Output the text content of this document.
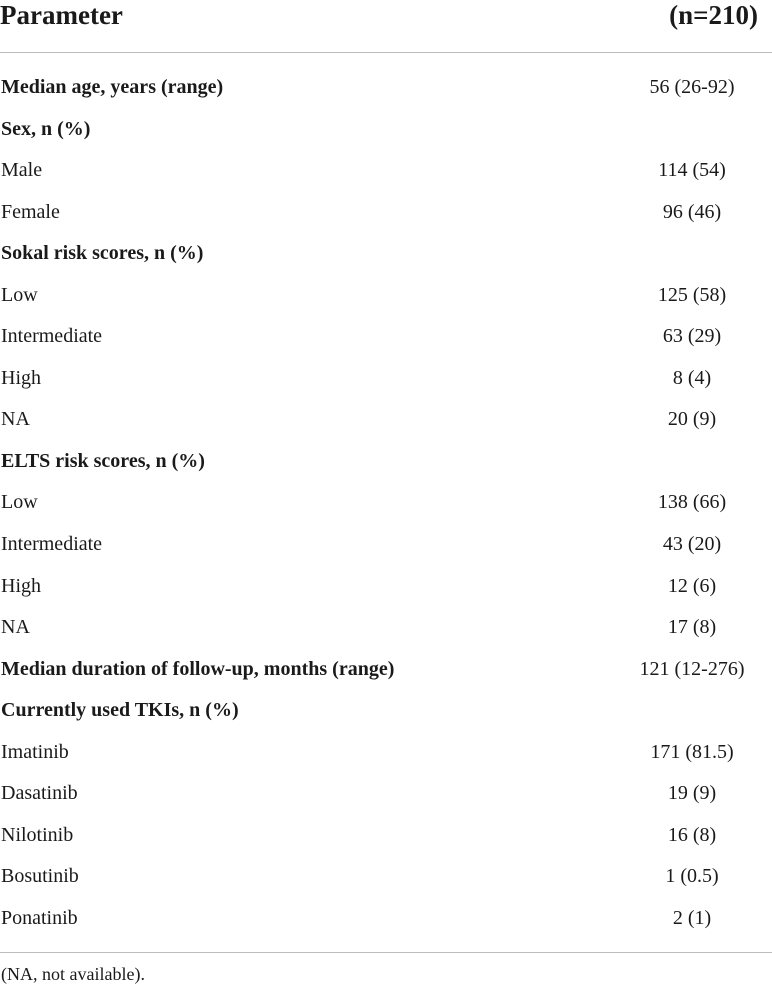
Parameter	(n=210)
Median age, years (range)	56 (26-92)
Sex, n (%)
Male	114 (54)
Female	96 (46)
Sokal risk scores, n (%)
Low	125 (58)
Intermediate	63 (29)
High	8 (4)
NA	20 (9)
ELTS risk scores, n (%)
Low	138 (66)
Intermediate	43 (20)
High	12 (6)
NA	17 (8)
Median duration of follow-up, months (range)	121 (12-276)
Currently used TKIs, n (%)
Imatinib	171 (81.5)
Dasatinib	19 (9)
Nilotinib	16 (8)
Bosutinib	1 (0.5)
Ponatinib	2 (1)
(NA, not available).
